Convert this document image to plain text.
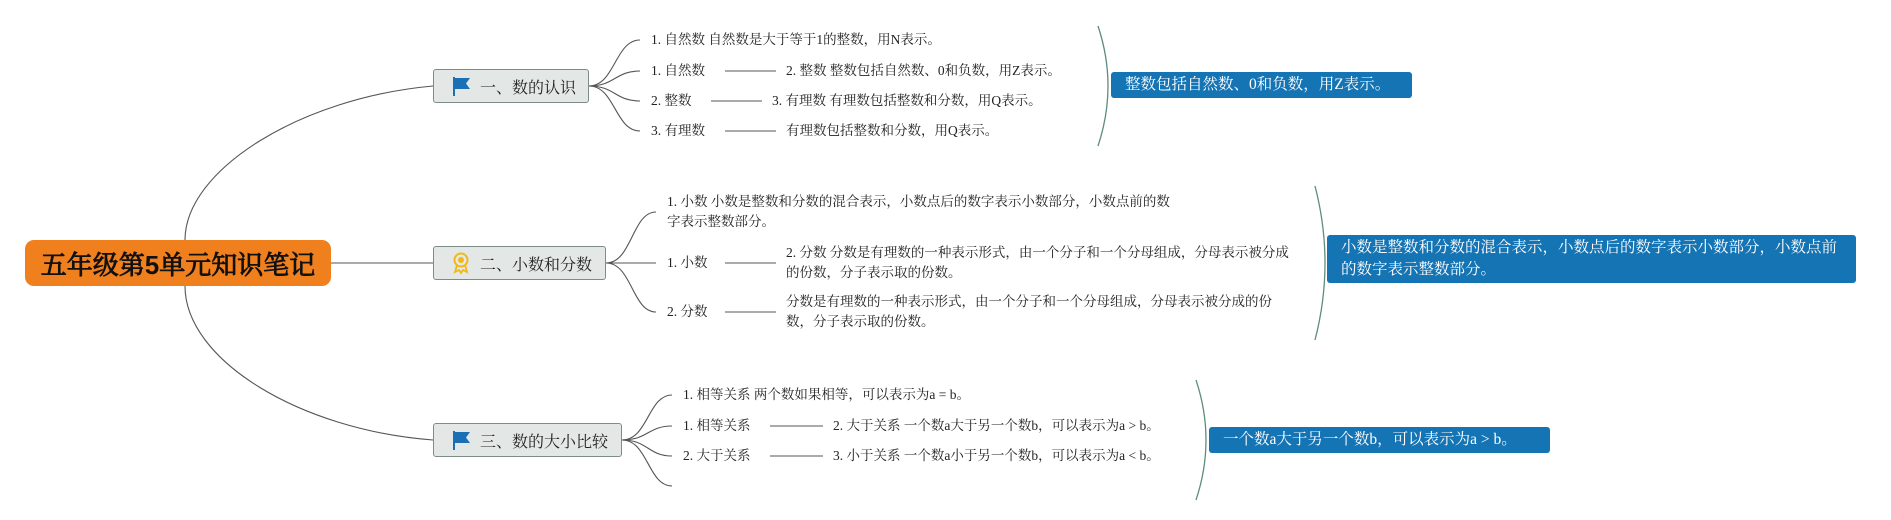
五年级第5单元知识笔记
一、数的认识
1. 自然数 自然数是大于等于1的整数，用N表示。
1. 自然数
2. 整数
3. 有理数
2. 整数 整数包括自然数、0和负数，用Z表示。
3. 有理数 有理数包括整数和分数，用Q表示。
有理数包括整数和分数，用Q表示。
整数包括自然数、0和负数，用Z表示。
二、小数和分数
1. 小数 小数是整数和分数的混合表示，小数点后的数字表示小数部分，小数点前的数字表示整数部分。
1. 小数
2. 分数
2. 分数 分数是有理数的一种表示形式，由一个分子和一个分母组成，分母表示被分成的份数，分子表示取的份数。
分数是有理数的一种表示形式，由一个分子和一个分母组成，分母表示被分成的份数，分子表示取的份数。
小数是整数和分数的混合表示，小数点后的数字表示小数部分，小数点前的数字表示整数部分。
三、数的大小比较
1. 相等关系 两个数如果相等，可以表示为a = b。
1. 相等关系
2. 大于关系
2. 大于关系 一个数a大于另一个数b，可以表示为a > b。
3. 小于关系 一个数a小于另一个数b，可以表示为a < b。
一个数a大于另一个数b，可以表示为a > b。
